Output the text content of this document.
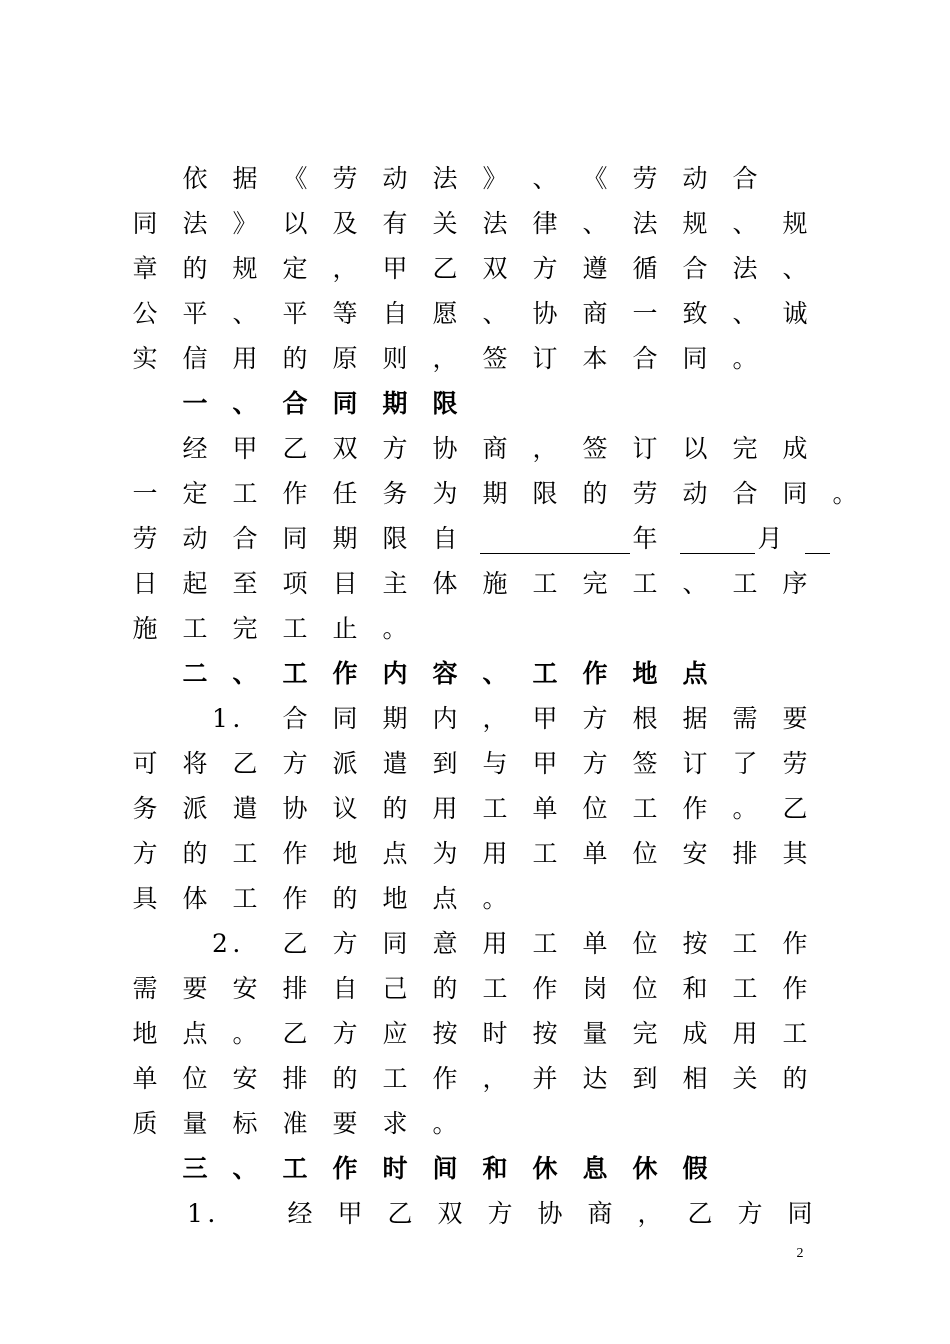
依 据 《 劳 动 法 》 、 《 劳 动 合
同 法 》 以 及 有 关 法 律 、 法 规 、 规
章 的 规 定 ， 甲 乙 双 方 遵 循 合 法 、
公 平 、 平 等 自 愿 、 协 商 一 致 、 诚
实 信 用 的 原 则 ， 签 订 本 合 同 。
一 、 合 同 期 限
经 甲 乙 双 方 协 商 ， 签 订 以 完 成
一 定 工 作 任 务 为 期 限 的 劳 动 合 同 。
劳 动 合 同 期 限 自	年	月
日 起 至 项 目 主 体 施 工 完 工 、 工 序
施 工 完 工 止 。
二 、 工 作 内 容 、 工 作 地 点
1 ． 合 同 期 内 ， 甲 方 根 据 需 要
可 将 乙 方 派 遣 到 与 甲 方 签 订 了 劳
务 派 遣 协 议 的 用 工 单 位 工 作 。 乙
方 的 工 作 地 点 为 用 工 单 位 安 排 其
具 体 工 作 的 地 点 。
2 ． 乙 方 同 意 用 工 单 位 按 工 作
需 要 安 排 自 己 的 工 作 岗 位 和 工 作
地 点 。 乙 方 应 按 时 按 量 完 成 用 工
单 位 安 排 的 工 作 ， 并 达 到 相 关 的
质 量 标 准 要 求 。
三 、 工 作 时 间 和 休 息 休 假
1 ． 经 甲 乙 双 方 协 商 ， 乙 方 同
2
